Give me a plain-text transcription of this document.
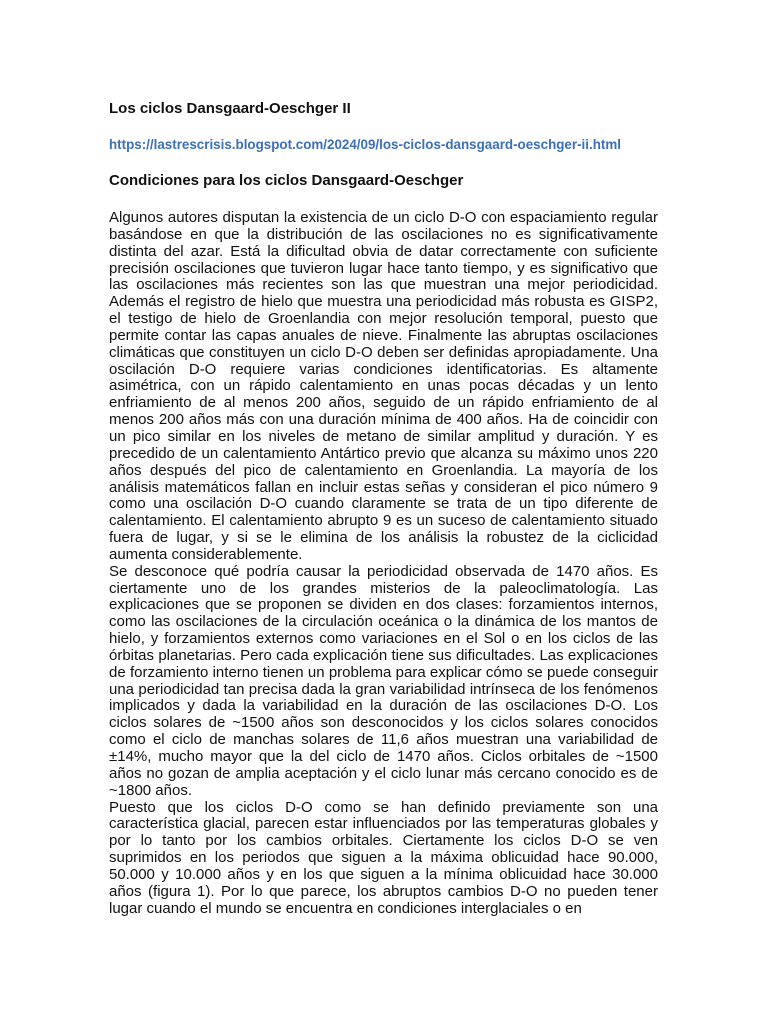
Los ciclos Dansgaard-Oeschger II
https://lastrescrisis.blogspot.com/2024/09/los-ciclos-dansgaard-oeschger-ii.html
Condiciones para los ciclos Dansgaard-Oeschger

Algunos autores disputan la existencia de un ciclo D-O con espaciamiento regular basándose en que la distribución de las oscilaciones no es significativamente distinta del azar. Está la dificultad obvia de datar correctamente con suficiente precisión oscilaciones que tuvieron lugar hace tanto tiempo, y es significativo que las oscilaciones más recientes son las que muestran una mejor periodicidad. Además el registro de hielo que muestra una periodicidad más robusta es GISP2, el testigo de hielo de Groenlandia con mejor resolución temporal, puesto que permite contar las capas anuales de nieve. Finalmente las abruptas oscilaciones climáticas que constituyen un ciclo D-O deben ser definidas apropiadamente. Una oscilación D-O requiere varias condiciones identificatorias. Es altamente asimétrica, con un rápido calentamiento en unas pocas décadas y un lento enfriamiento de al menos 200 años, seguido de un rápido enfriamiento de al menos 200 años más con una duración mínima de 400 años. Ha de coincidir con un pico similar en los niveles de metano de similar amplitud y duración. Y es precedido de un calentamiento Antártico previo que alcanza su máximo unos 220 años después del pico de calentamiento en Groenlandia. La mayoría de los análisis matemáticos fallan en incluir estas señas y consideran el pico número 9 como una oscilación D-O cuando claramente se trata de un tipo diferente de calentamiento. El calentamiento abrupto 9 es un suceso de calentamiento situado fuera de lugar, y si se le elimina de los análisis la robustez de la ciclicidad aumenta considerablemente.

Se desconoce qué podría causar la periodicidad observada de 1470 años. Es ciertamente uno de los grandes misterios de la paleoclimatología. Las explicaciones que se proponen se dividen en dos clases: forzamientos internos, como las oscilaciones de la circulación oceánica o la dinámica de los mantos de hielo, y forzamientos externos como variaciones en el Sol o en los ciclos de las órbitas planetarias. Pero cada explicación tiene sus dificultades. Las explicaciones de forzamiento interno tienen un problema para explicar cómo se puede conseguir una periodicidad tan precisa dada la gran variabilidad intrínseca de los fenómenos implicados y dada la variabilidad en la duración de las oscilaciones D-O. Los ciclos solares de ~1500 años son desconocidos y los ciclos solares conocidos como el ciclo de manchas solares de 11,6 años muestran una variabilidad de ±14%, mucho mayor que la del ciclo de 1470 años. Ciclos orbitales de ~1500 años no gozan de amplia aceptación y el ciclo lunar más cercano conocido es de ~1800 años.

Puesto que los ciclos D-O como se han definido previamente son una característica glacial, parecen estar influenciados por las temperaturas globales y por lo tanto por los cambios orbitales. Ciertamente los ciclos D-O se ven suprimidos en los periodos que siguen a la máxima oblicuidad hace 90.000, 50.000 y 10.000 años y en los que siguen a la mínima oblicuidad hace 30.000 años (figura 1). Por lo que parece, los abruptos cambios D-O no pueden tener lugar cuando el mundo se encuentra en condiciones interglaciales o en
